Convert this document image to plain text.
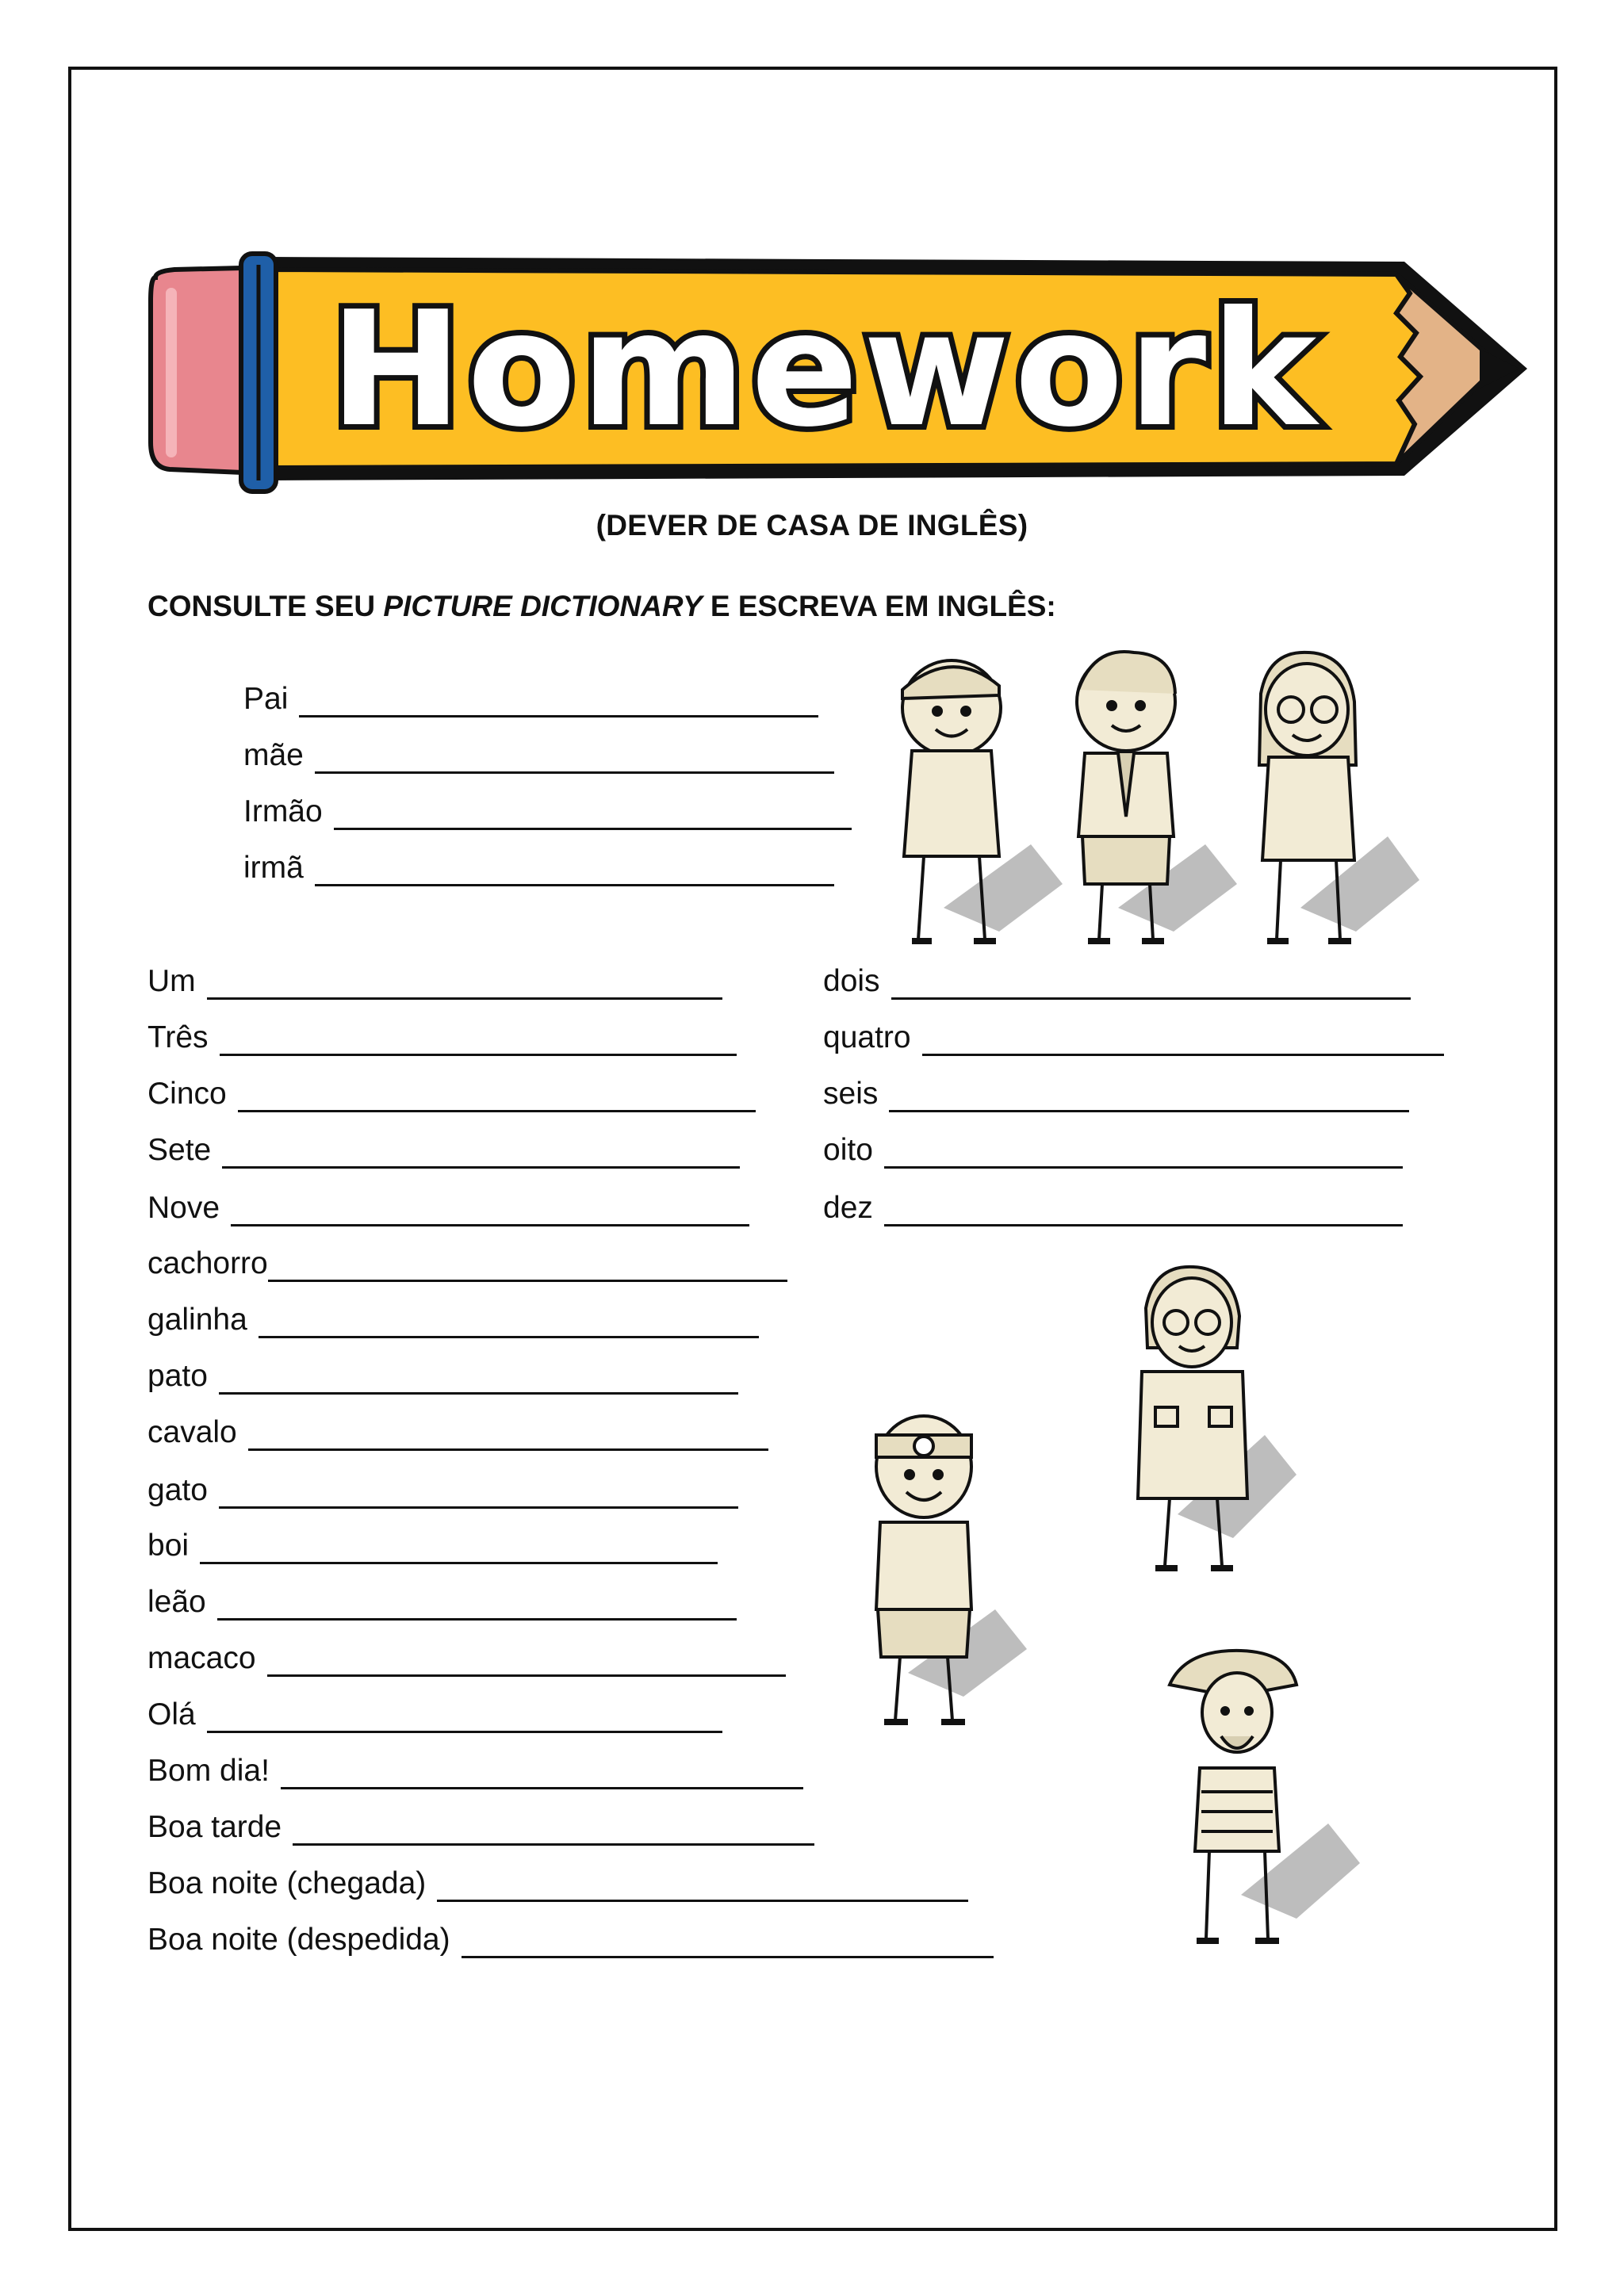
Homework
(DEVER DE CASA DE INGLÊS)
CONSULTE SEU PICTURE DICTIONARY E ESCREVA EM INGLÊS:
Pai
mãe
Irmão
irmã
Um
Três
Cinco
Sete
Nove
dois
quatro
seis
oito
dez
cachorro
galinha
pato
cavalo
gato
boi
leão
macaco
Olá
Bom dia!
Boa tarde
Boa noite (chegada)
Boa noite (despedida)
